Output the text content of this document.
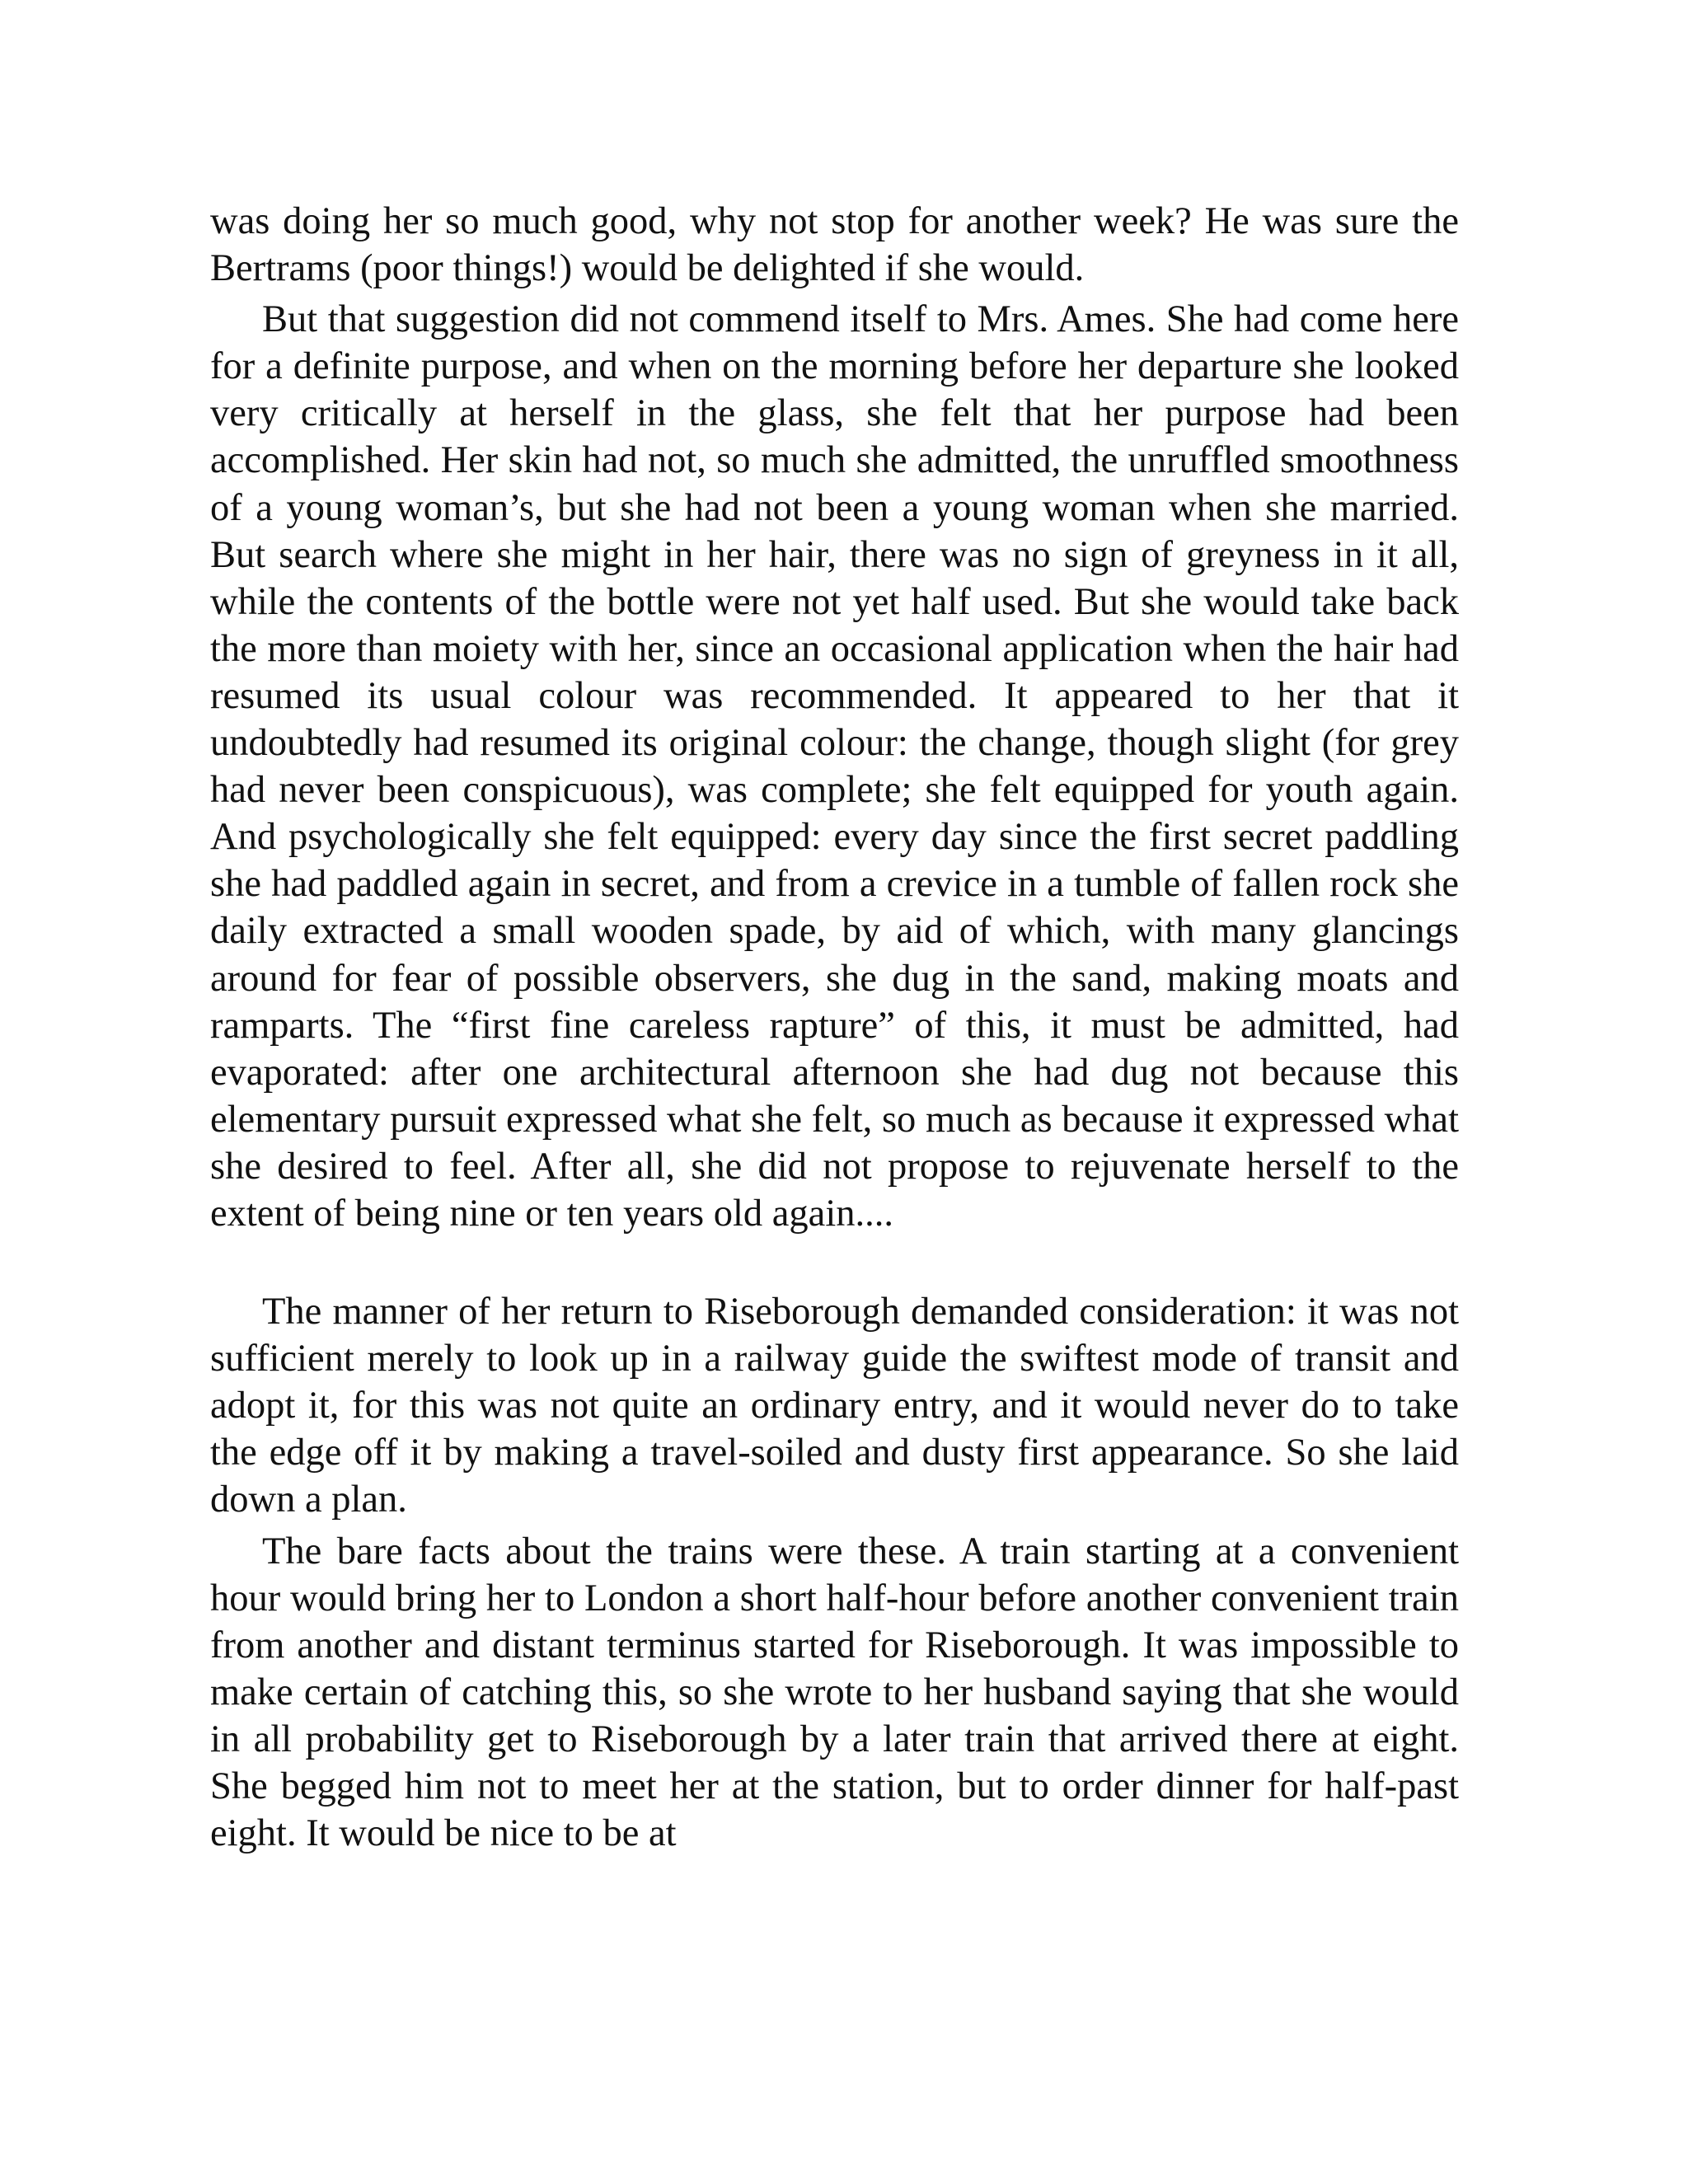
was doing her so much good, why not stop for another week? He was sure the Bertrams (poor things!) would be delighted if she would.

But that suggestion did not commend itself to Mrs. Ames. She had come here for a definite purpose, and when on the morning before her departure she looked very critically at herself in the glass, she felt that her purpose had been accomplished. Her skin had not, so much she admitted, the unruffled smoothness of a young woman’s, but she had not been a young woman when she married. But search where she might in her hair, there was no sign of greyness in it all, while the contents of the bottle were not yet half used. But she would take back the more than moiety with her, since an occasional application when the hair had resumed its usual colour was recommended. It appeared to her that it undoubtedly had resumed its original colour: the change, though slight (for grey had never been conspicuous), was complete; she felt equipped for youth again. And psychologically she felt equipped: every day since the first secret paddling she had paddled again in secret, and from a crevice in a tumble of fallen rock she daily extracted a small wooden spade, by aid of which, with many glancings around for fear of possible observers, she dug in the sand, making moats and ramparts. The “first fine careless rapture” of this, it must be admitted, had evaporated: after one architectural afternoon she had dug not because this elementary pursuit expressed what she felt, so much as because it expressed what she desired to feel. After all, she did not propose to rejuvenate herself to the extent of being nine or ten years old again....

The manner of her return to Riseborough demanded consideration: it was not sufficient merely to look up in a railway guide the swiftest mode of transit and adopt it, for this was not quite an ordinary entry, and it would never do to take the edge off it by making a travel-soiled and dusty first appearance. So she laid down a plan.

The bare facts about the trains were these. A train starting at a convenient hour would bring her to London a short half-hour before another convenient train from another and distant terminus started for Riseborough. It was impossible to make certain of catching this, so she wrote to her husband saying that she would in all probability get to Riseborough by a later train that arrived there at eight. She begged him not to meet her at the station, but to order dinner for half-past eight. It would be nice to be at
